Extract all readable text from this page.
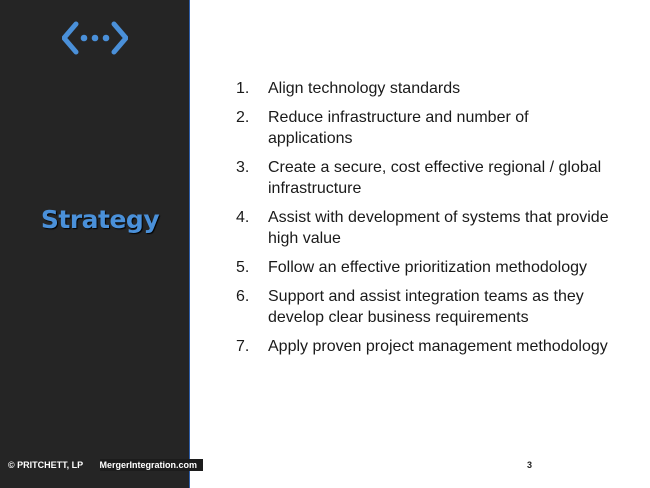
Strategy
1. Align technology standards
2. Reduce infrastructure and number of applications
3. Create a secure, cost effective regional / global infrastructure
4. Assist with development of systems that provide high value
5. Follow an effective prioritization methodology
6. Support and assist integration teams as they develop clear business requirements
7. Apply proven project management methodology
© PRITCHETT, LP MergerIntegration.com	3
